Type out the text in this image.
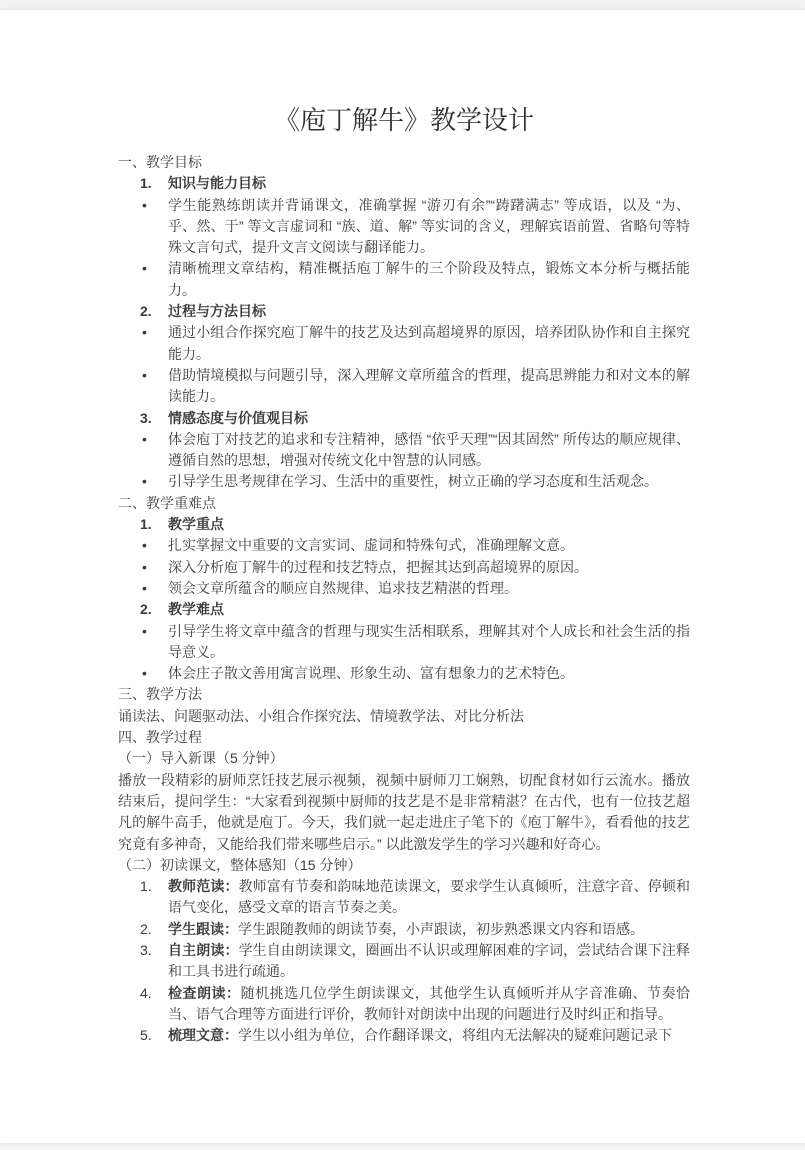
《庖丁解牛》教学设计
一、教学目标
1.	知识与能力目标
•	学生能熟练朗读并背诵课文，准确掌握 “游刃有余”“踌躇满志” 等成语，以及 “为、乎、然、于” 等文言虚词和 “族、道、解” 等实词的含义，理解宾语前置、省略句等特殊文言句式，提升文言文阅读与翻译能力。
•	清晰梳理文章结构，精准概括庖丁解牛的三个阶段及特点，锻炼文本分析与概括能力。
2.	过程与方法目标
•	通过小组合作探究庖丁解牛的技艺及达到高超境界的原因，培养团队协作和自主探究能力。
•	借助情境模拟与问题引导，深入理解文章所蕴含的哲理，提高思辨能力和对文本的解读能力。
3.	情感态度与价值观目标
•	体会庖丁对技艺的追求和专注精神，感悟 “依乎天理”“因其固然” 所传达的顺应规律、遵循自然的思想，增强对传统文化中智慧的认同感。
•	引导学生思考规律在学习、生活中的重要性，树立正确的学习态度和生活观念。
二、教学重难点
1.	教学重点
•	扎实掌握文中重要的文言实词、虚词和特殊句式，准确理解文意。
•	深入分析庖丁解牛的过程和技艺特点，把握其达到高超境界的原因。
•	领会文章所蕴含的顺应自然规律、追求技艺精湛的哲理。
2.	教学难点
•	引导学生将文章中蕴含的哲理与现实生活相联系，理解其对个人成长和社会生活的指导意义。
•	体会庄子散文善用寓言说理、形象生动、富有想象力的艺术特色。
三、教学方法
诵读法、问题驱动法、小组合作探究法、情境教学法、对比分析法
四、教学过程
（一）导入新课（5 分钟）
播放一段精彩的厨师烹饪技艺展示视频，视频中厨师刀工娴熟，切配食材如行云流水。播放结束后，提问学生：“大家看到视频中厨师的技艺是不是非常精湛？在古代，也有一位技艺超凡的解牛高手，他就是庖丁。今天，我们就一起走进庄子笔下的《庖丁解牛》，看看他的技艺究竟有多神奇，又能给我们带来哪些启示。” 以此激发学生的学习兴趣和好奇心。
（二）初读课文，整体感知（15 分钟）
1.	教师范读：教师富有节奏和韵味地范读课文，要求学生认真倾听，注意字音、停顿和语气变化，感受文章的语言节奏之美。
2.	学生跟读：学生跟随教师的朗读节奏，小声跟读，初步熟悉课文内容和语感。
3.	自主朗读：学生自由朗读课文，圈画出不认识或理解困难的字词，尝试结合课下注释和工具书进行疏通。
4.	检查朗读：随机挑选几位学生朗读课文，其他学生认真倾听并从字音准确、节奏恰当、语气合理等方面进行评价，教师针对朗读中出现的问题进行及时纠正和指导。
5.	梳理文意：学生以小组为单位，合作翻译课文，将组内无法解决的疑难问题记录下
